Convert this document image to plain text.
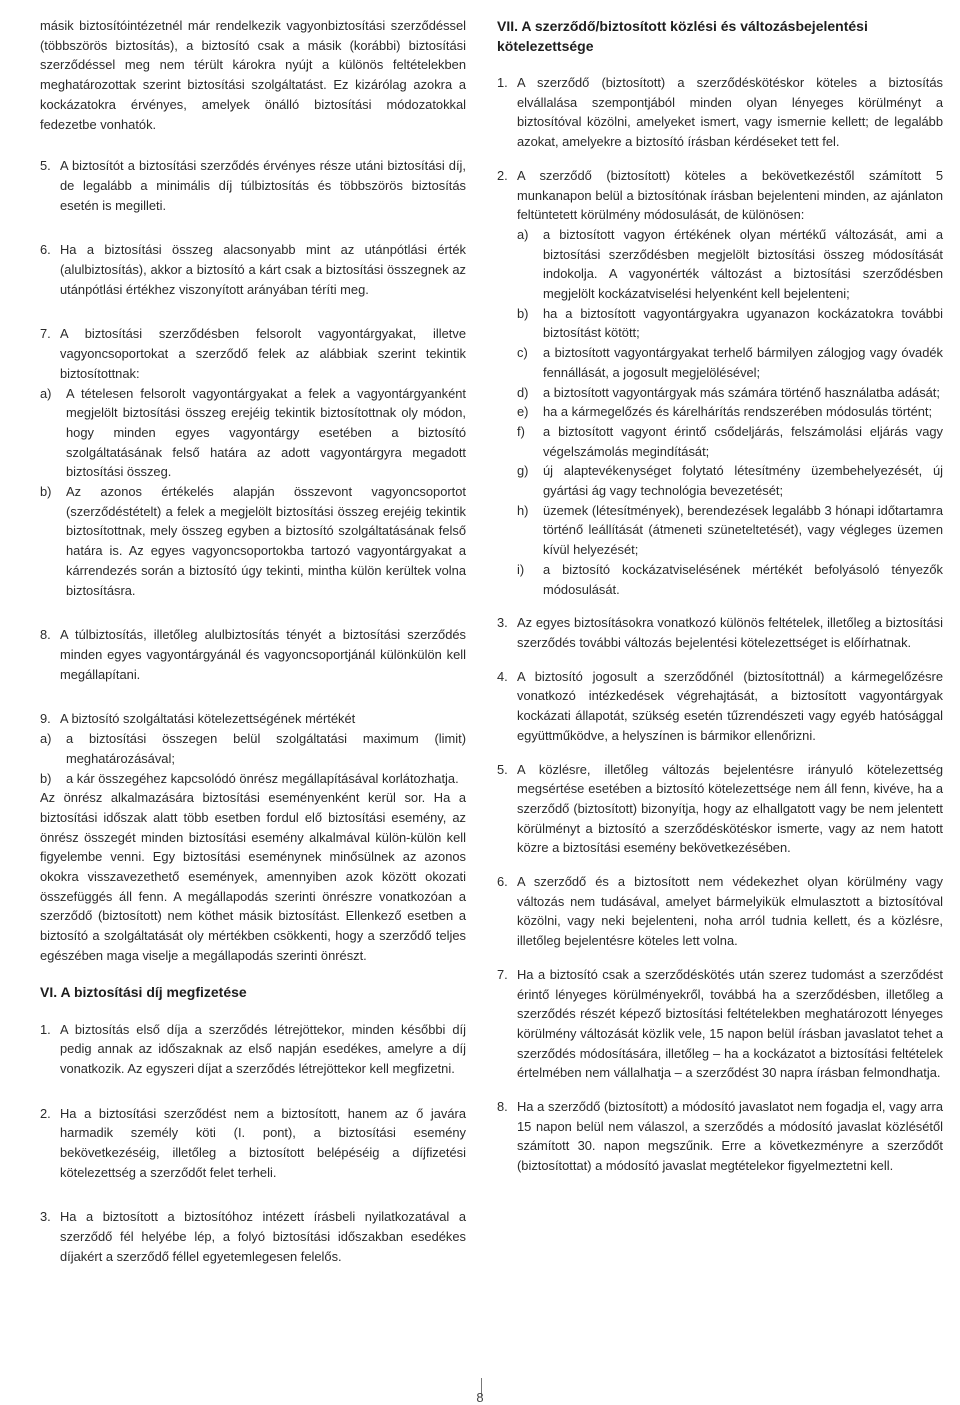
másik biztosítóintézetnél már rendelkezik vagyonbiztosítási szerződéssel (többszörös biztosítás), a biztosító csak a másik (korábbi) biztosítási szerződéssel meg nem térült károkra nyújt a különös feltételekben meghatározottak szerint biztosítási szolgáltatást. Ez kizárólag azokra a kockázatokra érvényes, amelyek önálló biztosítási módozatokkal fedezetbe vonhatók.
5. A biztosítót a biztosítási szerződés érvényes része utáni biztosítási díj, de legalább a minimális díj túlbiztosítás és többszörös biztosítás esetén is megilleti.
6. Ha a biztosítási összeg alacsonyabb mint az utánpótlási érték (alulbiztosítás), akkor a biztosító a kárt csak a biztosítási összegnek az utánpótlási értékhez viszonyított arányában téríti meg.
7. A biztosítási szerződésben felsorolt vagyontárgyakat, illetve vagyoncsoportokat a szerződő felek az alábbiak szerint tekintik biztosítottnak:
a) A tételesen felsorolt vagyontárgyakat a felek a vagyontárgyanként megjelölt biztosítási összeg erejéig tekintik biztosítottnak oly módon, hogy minden egyes vagyontárgy esetében a biztosító szolgáltatásának felső határa az adott vagyontárgyra megadott biztosítási összeg.
b) Az azonos értékelés alapján összevont vagyoncsoportot (szerződéstételt) a felek a megjelölt biztosítási összeg erejéig tekintik biztosítottnak, mely összeg egyben a biztosító szolgáltatásának felső határa is. Az egyes vagyoncsoportokba tartozó vagyontárgyakat a kárrendezés során a biztosító úgy tekinti, mintha külön kerültek volna biztosításra.
8. A túlbiztosítás, illetőleg alulbiztosítás tényét a biztosítási szerződés minden egyes vagyontárgyánál és vagyoncsoportjánál különkülön kell megállapítani.
9. A biztosító szolgáltatási kötelezettségének mértékét
a) a biztosítási összegen belül szolgáltatási maximum (limit) meghatározásával;
b) a kár összegéhez kapcsolódó önrész megállapításával korlátozhatja.
Az önrész alkalmazására biztosítási eseményenként kerül sor. Ha a biztosítási időszak alatt több esetben fordul elő biztosítási esemény, az önrész összegét minden biztosítási esemény alkalmával külön-külön kell figyelembe venni. Egy biztosítási eseménynek minősülnek az azonos okokra visszavezethető események, amennyiben azok között okozati összefüggés áll fenn. A megállapodás szerinti önrészre vonatkozóan a szerződő (biztosított) nem köthet másik biztosítást. Ellenkező esetben a biztosító a szolgáltatását oly mértékben csökkenti, hogy a szerződő teljes egészében maga viselje a megállapodás szerinti önrészt.
VI. A biztosítási díj megfizetése
1. A biztosítás első díja a szerződés létrejöttekor, minden későbbi díj pedig annak az időszaknak az első napján esedékes, amelyre a díj vonatkozik. Az egyszeri díjat a szerződés létrejöttekor kell megfizetni.
2. Ha a biztosítási szerződést nem a biztosított, hanem az ő javára harmadik személy köti (I. pont), a biztosítási esemény bekövetkezéséig, illetőleg a biztosított belépéséig a díjfizetési kötelezettség a szerződőt felet terheli.
3. Ha a biztosított a biztosítóhoz intézett írásbeli nyilatkozatával a szerződő fél helyébe lép, a folyó biztosítási időszakban esedékes díjakért a szerződő féllel egyetemlegesen felelős.
VII. A szerződő/biztosított közlési és változásbejelentési kötelezettsége
1. A szerződő (biztosított) a szerződéskötéskor köteles a biztosítás elvállalása szempontjából minden olyan lényeges körülményt a biztosítóval közölni, amelyeket ismert, vagy ismernie kellett; de legalább azokat, amelyekre a biztosító írásban kérdéseket tett fel.
2. A szerződő (biztosított) köteles a bekövetkezéstől számított 5 munkanapon belül a biztosítónak írásban bejelenteni minden, az ajánlaton feltüntetett körülmény módosulását, de különösen:
a) a biztosított vagyon értékének olyan mértékű változását, ami a biztosítási szerződésben megjelölt biztosítási összeg módosítását indokolja. A vagyonérték változást a biztosítási szerződésben megjelölt kockázatviselési helyenként kell bejelenteni;
b) ha a biztosított vagyontárgyakra ugyanazon kockázatokra további biztosítást kötött;
c) a biztosított vagyontárgyakat terhelő bármilyen zálogjog vagy óvadék fennállását, a jogosult megjelölésével;
d) a biztosított vagyontárgyak más számára történő használatba adását;
e) ha a kármegelőzés és kárelhárítás rendszerében módosulás történt;
f) a biztosított vagyont érintő csődeljárás, felszámolási eljárás vagy végelszámolás megindítását;
g) új alaptevékenységet folytató létesítmény üzembehelyezését, új gyártási ág vagy technológia bevezetését;
h) üzemek (létesítmények), berendezések legalább 3 hónapi időtartamra történő leállítását (átmeneti szüneteltetését), vagy végleges üzemen kívül helyezését;
i) a biztosító kockázatviselésének mértékét befolyásoló tényezők módosulását.
3. Az egyes biztosításokra vonatkozó különös feltételek, illetőleg a biztosítási szerződés további változás bejelentési kötelezettséget is előírhatnak.
4. A biztosító jogosult a szerződőnél (biztosítottnál) a kármegelőzésre vonatkozó intézkedések végrehajtását, a biztosított vagyontárgyak kockázati állapotát, szükség esetén tűzrendészeti vagy egyéb hatósággal együttműködve, a helyszínen is bármikor ellenőrizni.
5. A közlésre, illetőleg változás bejelentésre irányuló kötelezettség megsértése esetében a biztosító kötelezettsége nem áll fenn, kivéve, ha a szerződő (biztosított) bizonyítja, hogy az elhallgatott vagy be nem jelentett körülményt a biztosító a szerződéskötéskor ismerte, vagy az nem hatott közre a biztosítási esemény bekövetkezésében.
6. A szerződő és a biztosított nem védekezhet olyan körülmény vagy változás nem tudásával, amelyet bármelyikük elmulasztott a biztosítóval közölni, vagy neki bejelenteni, noha arról tudnia kellett, és a közlésre, illetőleg bejelentésre köteles lett volna.
7. Ha a biztosító csak a szerződéskötés után szerez tudomást a szerződést érintő lényeges körülményekről, továbbá ha a szerződésben, illetőleg a szerződés részét képező biztosítási feltételekben meghatározott lényeges körülmény változását közlik vele, 15 napon belül írásban javaslatot tehet a szerződés módosítására, illetőleg – ha a kockázatot a biztosítási feltételek értelmében nem vállalhatja – a szerződést 30 napra írásban felmondhatja.
8. Ha a szerződő (biztosított) a módosító javaslatot nem fogadja el, vagy arra 15 napon belül nem válaszol, a szerződés a módosító javaslat közlésétől számított 30. napon megszűnik. Erre a következményre a szerződőt (biztosítottat) a módosító javaslat megtételekor figyelmeztetni kell.
8
